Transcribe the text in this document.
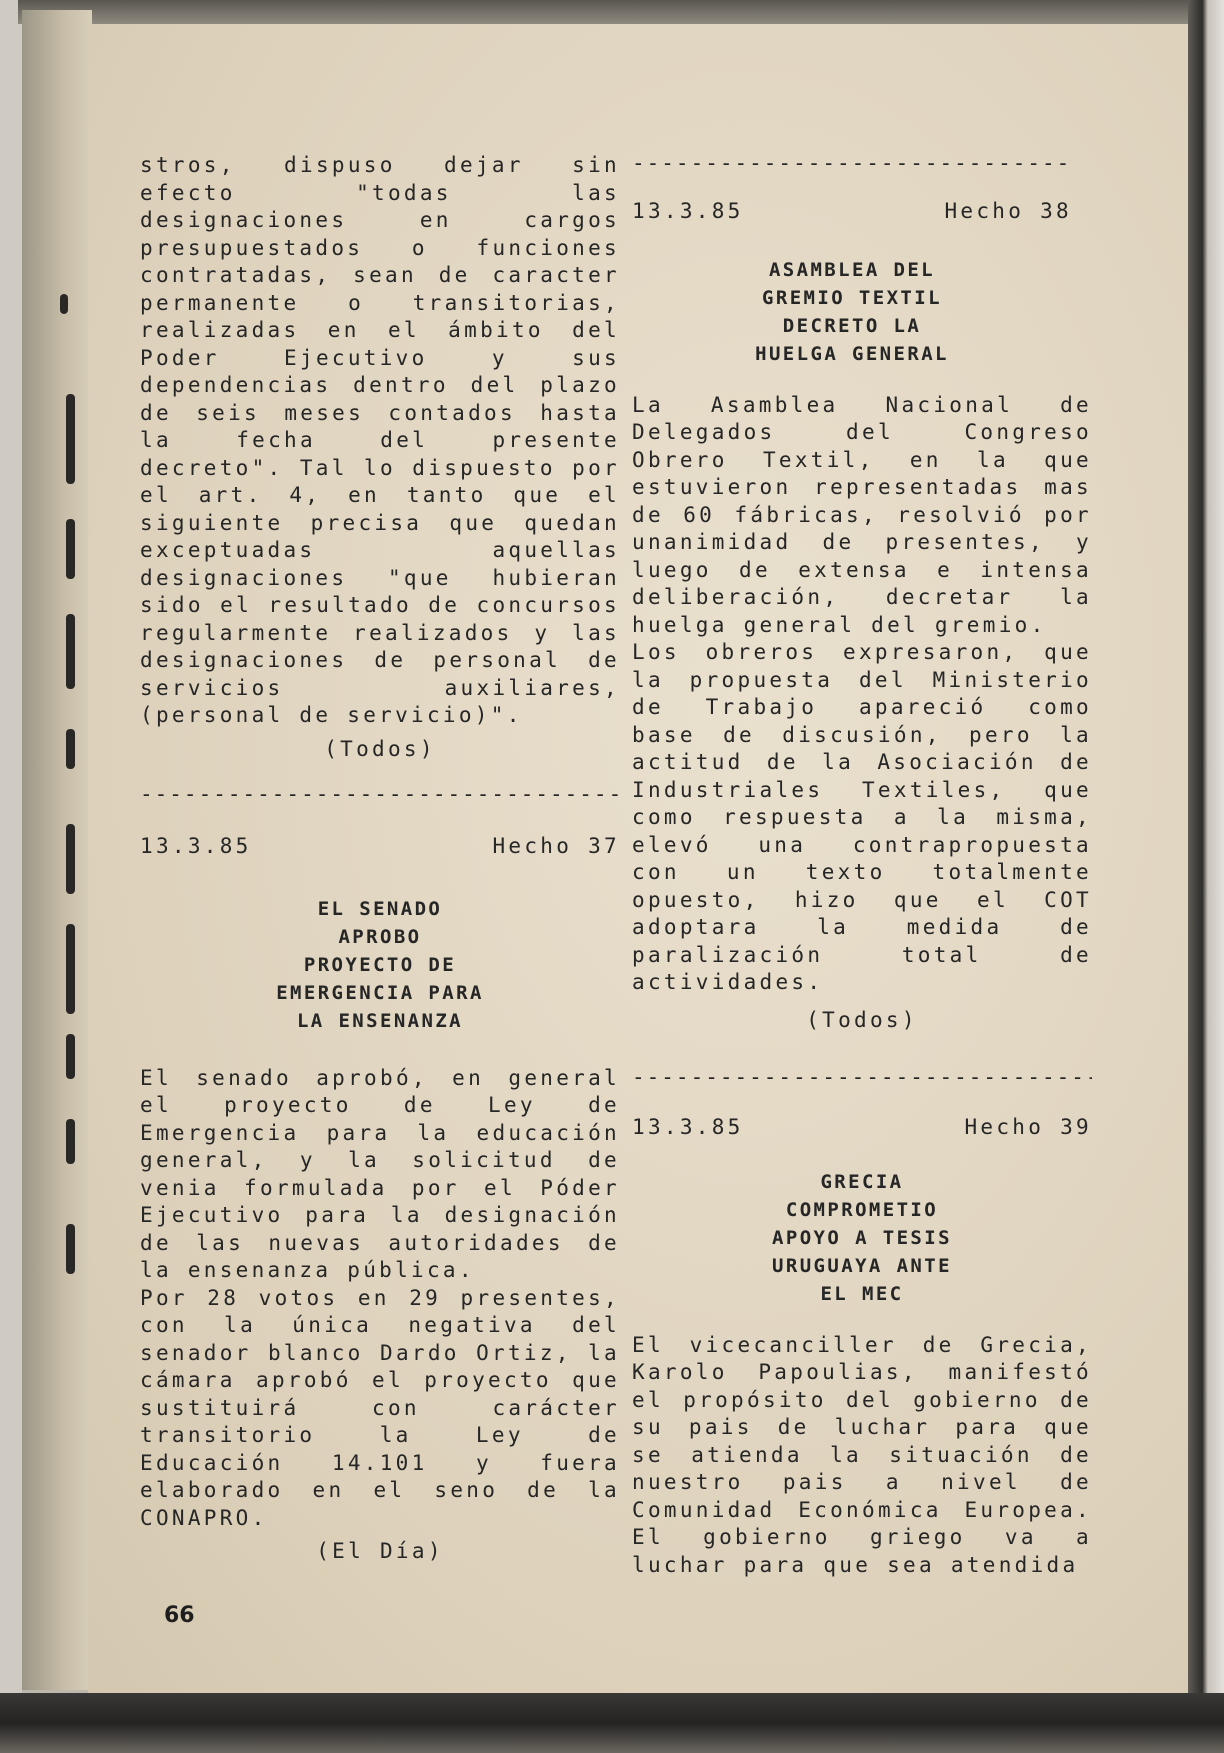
stros, dispuso dejar sin efecto "todas las designaciones en cargos presupuestados o funciones contratadas, sean de caracter permanente o transitorias, realizadas en el ámbito del Poder Ejecutivo y sus dependencias dentro del plazo de seis meses contados hasta la fecha del presente decreto". Tal lo dispuesto por el art. 4, en tanto que el siguiente precisa que quedan exceptuadas aquellas designaciones "que hubieran sido el resultado de concursos regularmente realizados y las designaciones de personal de servicios auxiliares, (personal de servicio)".

(Todos)

-----
13.3.85	Hecho 37
EL SENADO
APROBO
PROYECTO DE
EMERGENCIA PARA
LA ENSENANZA

El senado aprobó, en general el proyecto de Ley de Emergencia para la educación general, y la solicitud de venia formulada por el Póder Ejecutivo para la designación de las nuevas autoridades de la ensenanza pública.

Por 28 votos en 29 presentes, con la única negativa del senador blanco Dardo Ortiz, la cámara aprobó el proyecto que sustituirá con carácter transitorio la Ley de Educación 14.101 y fuera elaborado en el seno de la CONAPRO.

(El Día)

-----
13.3.85	Hecho 38
ASAMBLEA DEL
GREMIO TEXTIL
DECRETO LA
HUELGA GENERAL

La Asamblea Nacional de Delegados del Congreso Obrero Textil, en la que estuvieron representadas mas de 60 fábricas, resolvió por unanimidad de presentes, y luego de extensa e intensa deliberación, decretar la huelga general del gremio.

Los obreros expresaron, que la propuesta del Ministerio de Trabajo apareció como base de discusión, pero la actitud de la Asociación de Industriales Textiles, que como respuesta a la misma, elevó una contrapropuesta con un texto totalmente opuesto, hizo que el COT adoptara la medida de paralización total de actividades.

(Todos)

-----
13.3.85	Hecho 39
GRECIA
COMPROMETIO
APOYO A TESIS
URUGUAYA ANTE
EL MEC

El vicecanciller de Grecia, Karolo Papoulias, manifestó el propósito del gobierno de su pais de luchar para que se atienda la situación de nuestro pais a nivel de Comunidad Económica Europea. El gobierno griego va a luchar para que sea atendida

66
